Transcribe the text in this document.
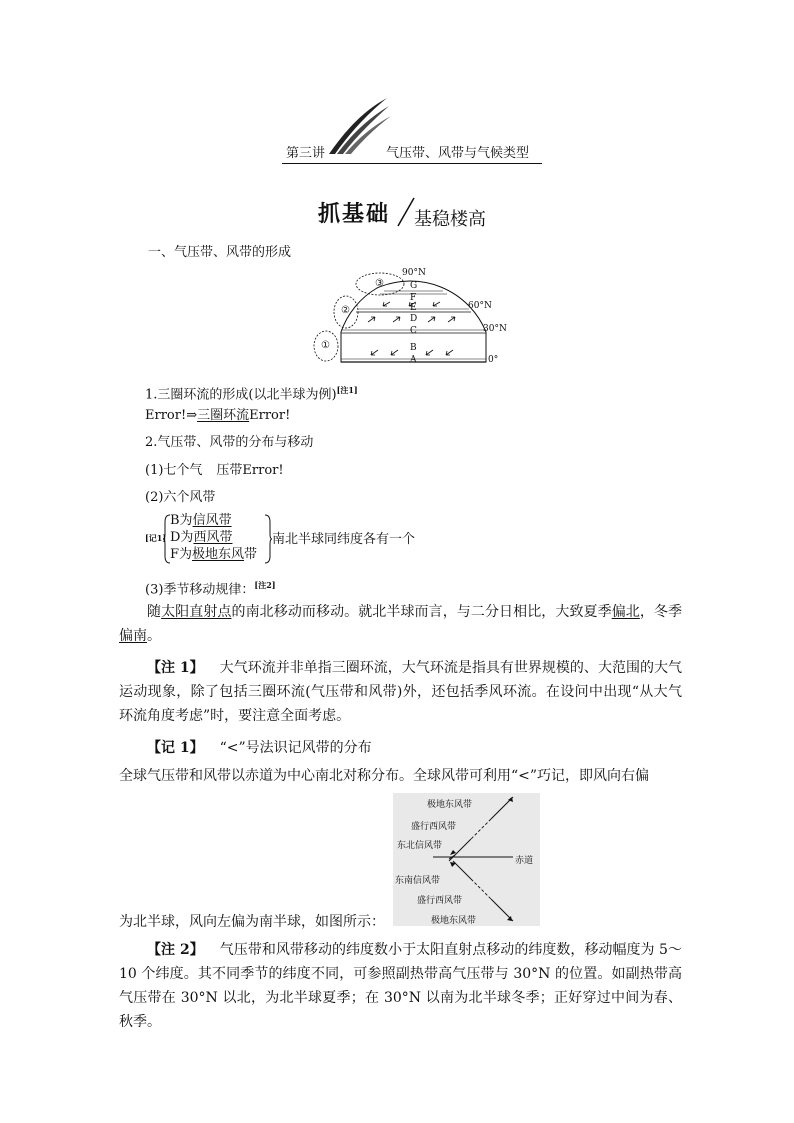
第三讲	气压带、风带与气候类型
抓基础 基稳楼高
一、气压带、风带的形成
90°N
60°N
30°N
0°
G
F
E
D
C
B
A
①
②
③
1.三圈环流的形成(以北半球为例)[注1]
Error!⇒三圈环流Error!
2.气压带、风带的分布与移动
(1)七个气 压带Error!
(2)六个风带
[记1]
B为信风带
D为西风带
F为极地东风带
南北半球同纬度各有一个
(3)季节移动规律：[注2]
随太阳直射点的南北移动而移动。就北半球而言，与二分日相比，大致夏季偏北，冬季偏南。
【注 1】 大气环流并非单指三圈环流，大气环流是指具有世界规模的、大范围的大气运动现象，除了包括三圈环流(气压带和风带)外，还包括季风环流。在设问中出现“从大气环流角度考虑”时，要注意全面考虑。
【记 1】 “<”号法识记风带的分布
全球气压带和风带以赤道为中心南北对称分布。全球风带可利用“<”巧记，即风向右偏
极地东风带
盛行西风带
东北信风带
赤道
东南信风带
盛行西风带
极地东风带
为北半球，风向左偏为南半球，如图所示：
【注 2】 气压带和风带移动的纬度数小于太阳直射点移动的纬度数，移动幅度为 5～10 个纬度。其不同季节的纬度不同，可参照副热带高气压带与 30°N 的位置。如副热带高气压带在 30°N 以北，为北半球夏季；在 30°N 以南为北半球冬季；正好穿过中间为春、秋季。
